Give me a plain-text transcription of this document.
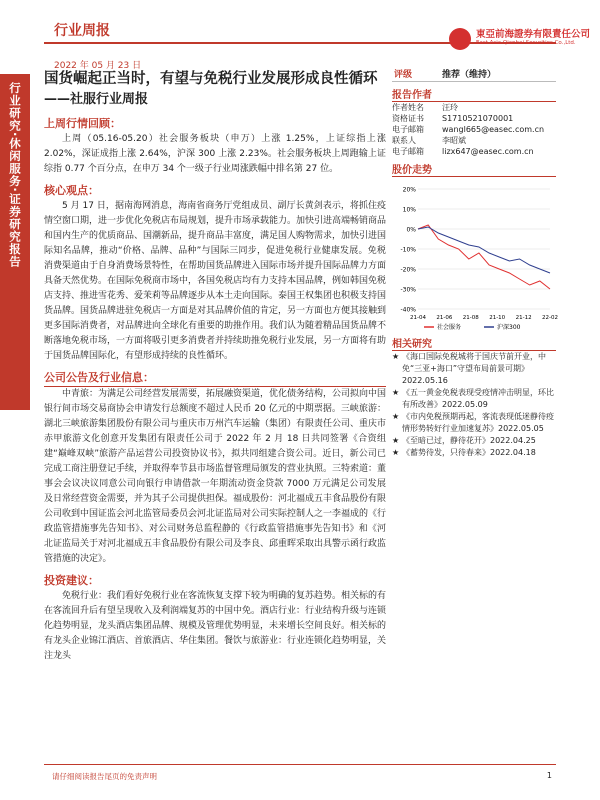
行业周报
2022 年 05 月 23 日
東亞前海證券有限責任公司
East Asia Qianhai Securities Co.,Ltd.
行业研究·休闲服务·证券研究报告
国货崛起正当时，有望与免税行业发展形成良性循环
——社服行业周报
上周行情回顾：

上周（05.16-05.20）社会服务板块（申万）上涨 1.25%，上证综指上涨 2.02%，深证成指上涨 2.64%，沪深 300 上涨 2.23%。社会服务板块上周跑输上证综指 0.77 个百分点，在申万 34 个一级子行业周涨跌幅中排名第 27 位。

核心观点：

5 月 17 日，据南海网消息，海南省商务厅党组成员、副厅长黄剑表示，将抓住疫情空窗口期，进一步优化免税店布局规划，提升市场承载能力。加快引进高端畅销商品和国内生产的优质商品、国潮新品，提升商品丰富度，满足国人购物需求，加快引进国际知名品牌，推动“价格、品牌、品种”与国际三同步，促进免税行业健康发展。免税消费渠道由于自身消费场景特性，在帮助国货品牌进入国际市场并提升国际品牌力方面具备天然优势。在国际免税商市场中，各国免税店均有力支持本国品牌，例如韩国免税店支持、推进雪花秀、爱茉莉等品牌逐步从本土走向国际。泰国王权集团也积极支持国货品牌。国货品牌进驻免税店一方面是对其品牌价值的肯定，另一方面也方便其接触到更多国际消费者，对品牌进向全球化有重要的助推作用。我们认为随着精品国货品牌不断落地免税市场，一方面将吸引更多消费者并持续助推免税行业发展，另一方面将有助于国货品牌国际化，有望形成持续的良性循环。

公司公告及行业信息：

中青旅：为满足公司经营发展需要，拓展融资渠道，优化债务结构，公司拟向中国银行间市场交易商协会申请发行总额度不超过人民币 20 亿元的中期票据。三峡旅游：湖北三峡旅游集团股份有限公司与重庆市万州汽车运输（集团）有限责任公司、重庆市赤甲旅游文化创意开发集团有限责任公司于 2022 年 2 月 18 日共同签署《合资组建“巅峰双峡”旅游产品运营公司投资协议书》，拟共同组建合资公司。近日，新公司已完成工商注册登记手续，并取得奉节县市场监督管理局颁发的营业执照。三特索道：董事会会议决议同意公司向银行申请借款一年期流动资金贷款 7000 万元满足公司发展及日常经营资金需要，并为其子公司提供担保。福成股份：河北福成五丰食品股份有限公司收到中国证监会河北监管局委员会河北证监局对公司实际控制人之一李福成的《行政监管措施事先告知书》、对公司财务总监程静的《行政监管措施事先告知书》和《河北证监局关于对河北福成五丰食品股份有限公司及李良、邱重晖采取出具警示函行政监管措施的决定》。

投资建议：

免税行业：我们看好免税行业在客流恢复支撑下较为明确的复苏趋势。相关标的有在客流回升后有望呈现收入及利润端复苏的中国中免。酒店行业：行业结构升级与连锁化趋势明显，龙头酒店集团品牌、规模及管理优势明显，未来增长空间良好。相关标的有龙头企业锦江酒店、首旅酒店、华住集团。餐饮与旅游业：行业连锁化趋势明显，关注龙头

评级	推荐（维持）
报告作者
作者姓名	汪玲
资格证书	S1710521070001
电子邮箱	wangl665@easec.com.cn
联系人	李昭斌
电子邮箱	lizx647@easec.com.cn
股价走势
20%
10%
0%
-10%
-20%
-30%
-40%
21-04 21-06 21-08 21-10 21-12 22-02
社会服务	沪深300
相关研究
★ 《海口国际免税城将于国庆节前开业，中免“三亚+海口”守望布局前景可期》2022.05.16
★ 《五一黄金免税表现受疫情冲击明显，环比有所改善》2022.05.09
★ 《市内免税预期再起，客流表现低迷静待疫情形势转好行业加速复苏》2022.05.05
★ 《至暗已过，静待花开》2022.04.25
★ 《蓄势待发，只待春来》2022.04.18
请仔细阅读报告尾页的免责声明	1
